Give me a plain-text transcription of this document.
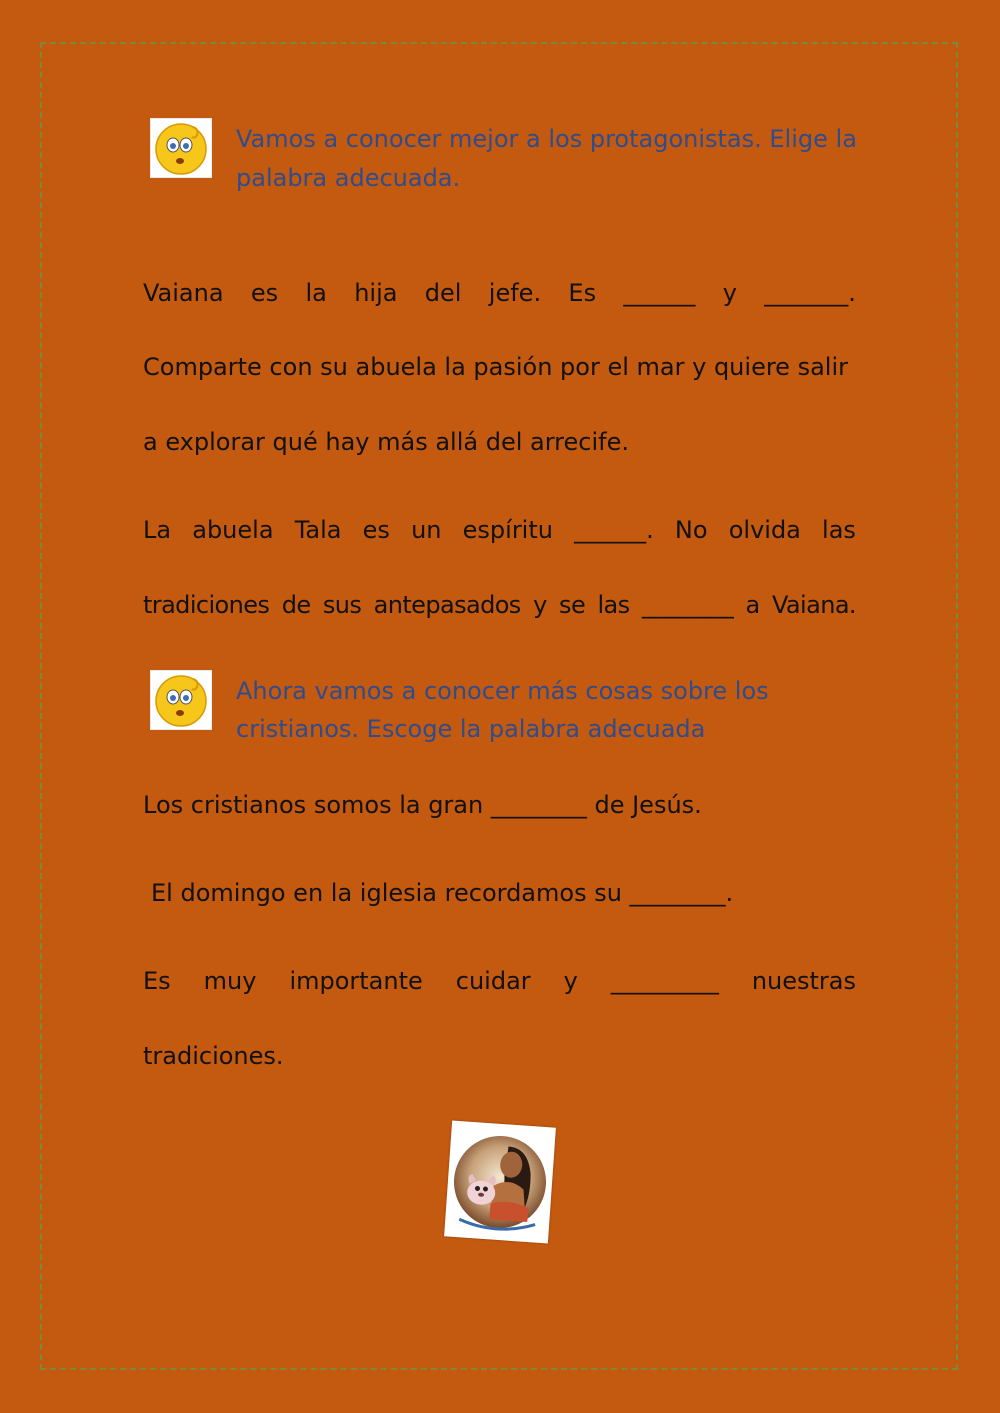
Vamos a conocer mejor a los protagonistas. Elige la palabra adecuada.
Vaiana es la hija del jefe. Es ______ y _______.
Comparte con su abuela la pasión por el mar y quiere salir
a explorar qué hay más allá del arrecife.
La abuela Tala es un espíritu ______. No olvida las
tradiciones de sus antepasados y se las ________ a Vaiana.
Ahora vamos a conocer más cosas sobre los cristianos. Escoge la palabra adecuada
Los cristianos somos la gran ________ de Jesús.
El domingo en la iglesia recordamos su ________.
Es muy importante cuidar y _________ nuestras
tradiciones.
